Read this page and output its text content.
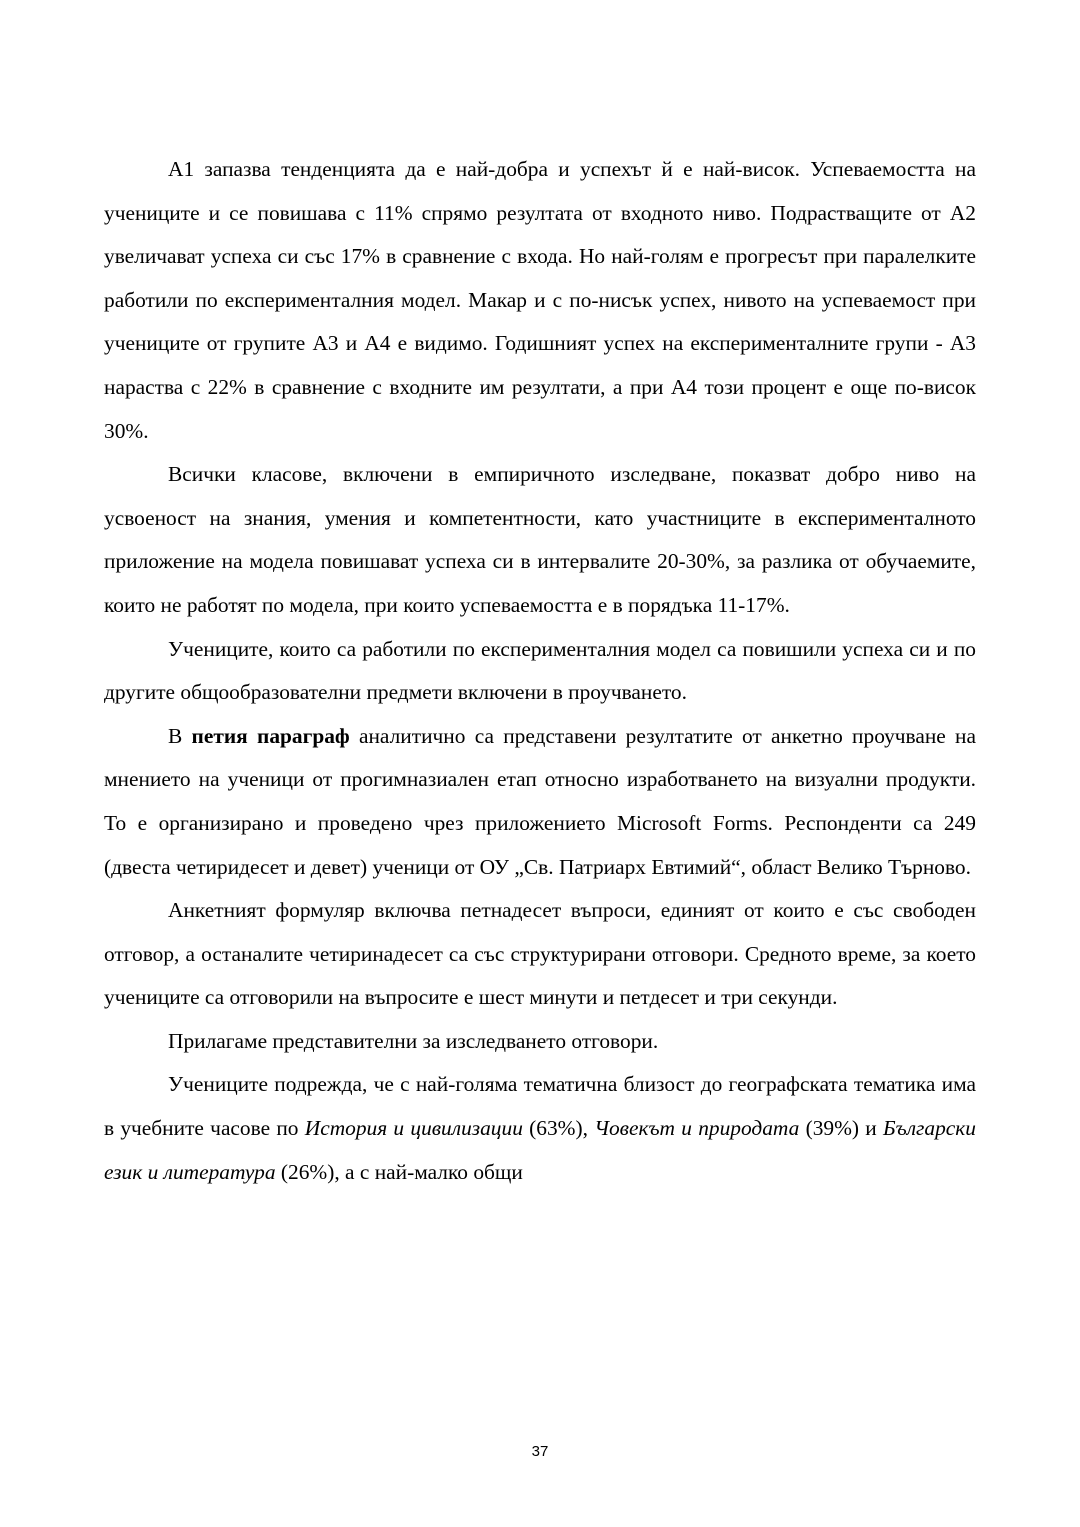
А1 запазва тенденцията да е най-добра и успехът й е най-висок. Успеваемостта на учениците и се повишава с 11% спрямо резултата от входното ниво. Подрастващите от А2 увеличават успеха си със 17% в сравнение с входа. Но най-голям е прогресът при паралелките работили по експерименталния модел. Макар и с по-нисък успех, нивото на успеваемост при учениците от групите А3 и А4 е видимо. Годишният успех на експерименталните групи - А3 нараства с 22% в сравнение с входните им резултати, а при А4 този процент е още по-висок 30%.

Всички класове, включени в емпиричното изследване, показват добро ниво на усвоеност на знания, умения и компетентности, като участниците в експерименталното приложение на модела повишават успеха си в интервалите 20-30%, за разлика от обучаемите, които не работят по модела, при които успеваемостта е в порядъка 11-17%.

Учениците, които са работили по експерименталния модел са повишили успеха си и по другите общообразователни предмети включени в проучването.

В петия параграф аналитично са представени резултатите от анкетно проучване на мнението на ученици от прогимназиален етап относно изработването на визуални продукти. То е организирано и проведено чрез приложението Microsoft Forms. Респонденти са 249 (двеста четиридесет и девет) ученици от ОУ „Св. Патриарх Евтимий“, област Велико Търново.

Анкетният формуляр включва петнадесет въпроси, единият от които е със свободен отговор, а останалите четиринадесет са със структурирани отговори. Средното време, за което учениците са отговорили на въпросите е шест минути и петдесет и три секунди.

Прилагаме представителни за изследването отговори.

Учениците подрежда, че с най-голяма тематична близост до географската тематика има в учебните часове по История и цивилизации (63%), Човекът и природата (39%) и Български език и литература (26%), а с най-малко общи

37
